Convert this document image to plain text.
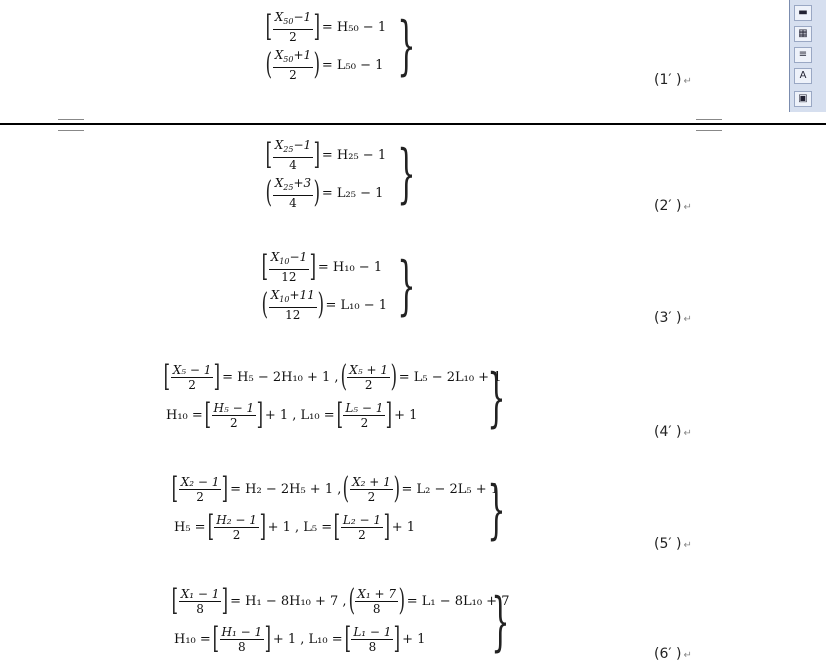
▬
▦
≡
A
▣
[ $\frac{X_{50}-1}{2}$ ] = H₅₀ − 1
( $\frac{X_{50}+1}{2}$ ) = L₅₀ − 1 }
[ $\frac{X_{25}-1}{4}$ ] = H₂₅ − 1
( $\frac{X_{25}+3}{4}$ ) = L₂₅ − 1 }
[ $\frac{X_{10}-1}{12}$ ] = H₁₀ − 1
( $\frac{X_{10}+11}{12}$ ) = L₁₀ − 1 }
[ $\frac{\text{X₅ − 1}}{2}$ ] = H₅ − 2H₁₀ + 1 , ( $\frac{\text{X₅ + 1}}{2}$ ) = L₅ − 2L₁₀ + 1
H₁₀ = [ $\frac{\text{H₅ − 1}}{2}$ ] + 1 , L₁₀ = [ $\frac{\text{L₅ − 1}}{2}$ ] + 1 }
[ $\frac{\text{X₂ − 1}}{2}$ ] = H₂ − 2H₅ + 1 , ( $\frac{\text{X₂ + 1}}{2}$ ) = L₂ − 2L₅ + 1
H₅ = [ $\frac{\text{H₂ − 1}}{2}$ ] + 1 , L₅ = [ $\frac{\text{L₂ − 1}}{2}$ ] + 1 }
[ $\frac{\text{X₁ − 1}}{8}$ ] = H₁ − 8H₁₀ + 7 , ( $\frac{\text{X₁ + 7}}{8}$ ) = L₁ − 8L₁₀ + 7
H₁₀ = [ $\frac{\text{H₁ − 1}}{8}$ ] + 1 , L₁₀ = [ $\frac{\text{L₁ − 1}}{8}$ ] + 1 }
(1′ ) ↵
(2′ ) ↵
(3′ ) ↵
(4′ ) ↵
(5′ ) ↵
(6′ ) ↵
